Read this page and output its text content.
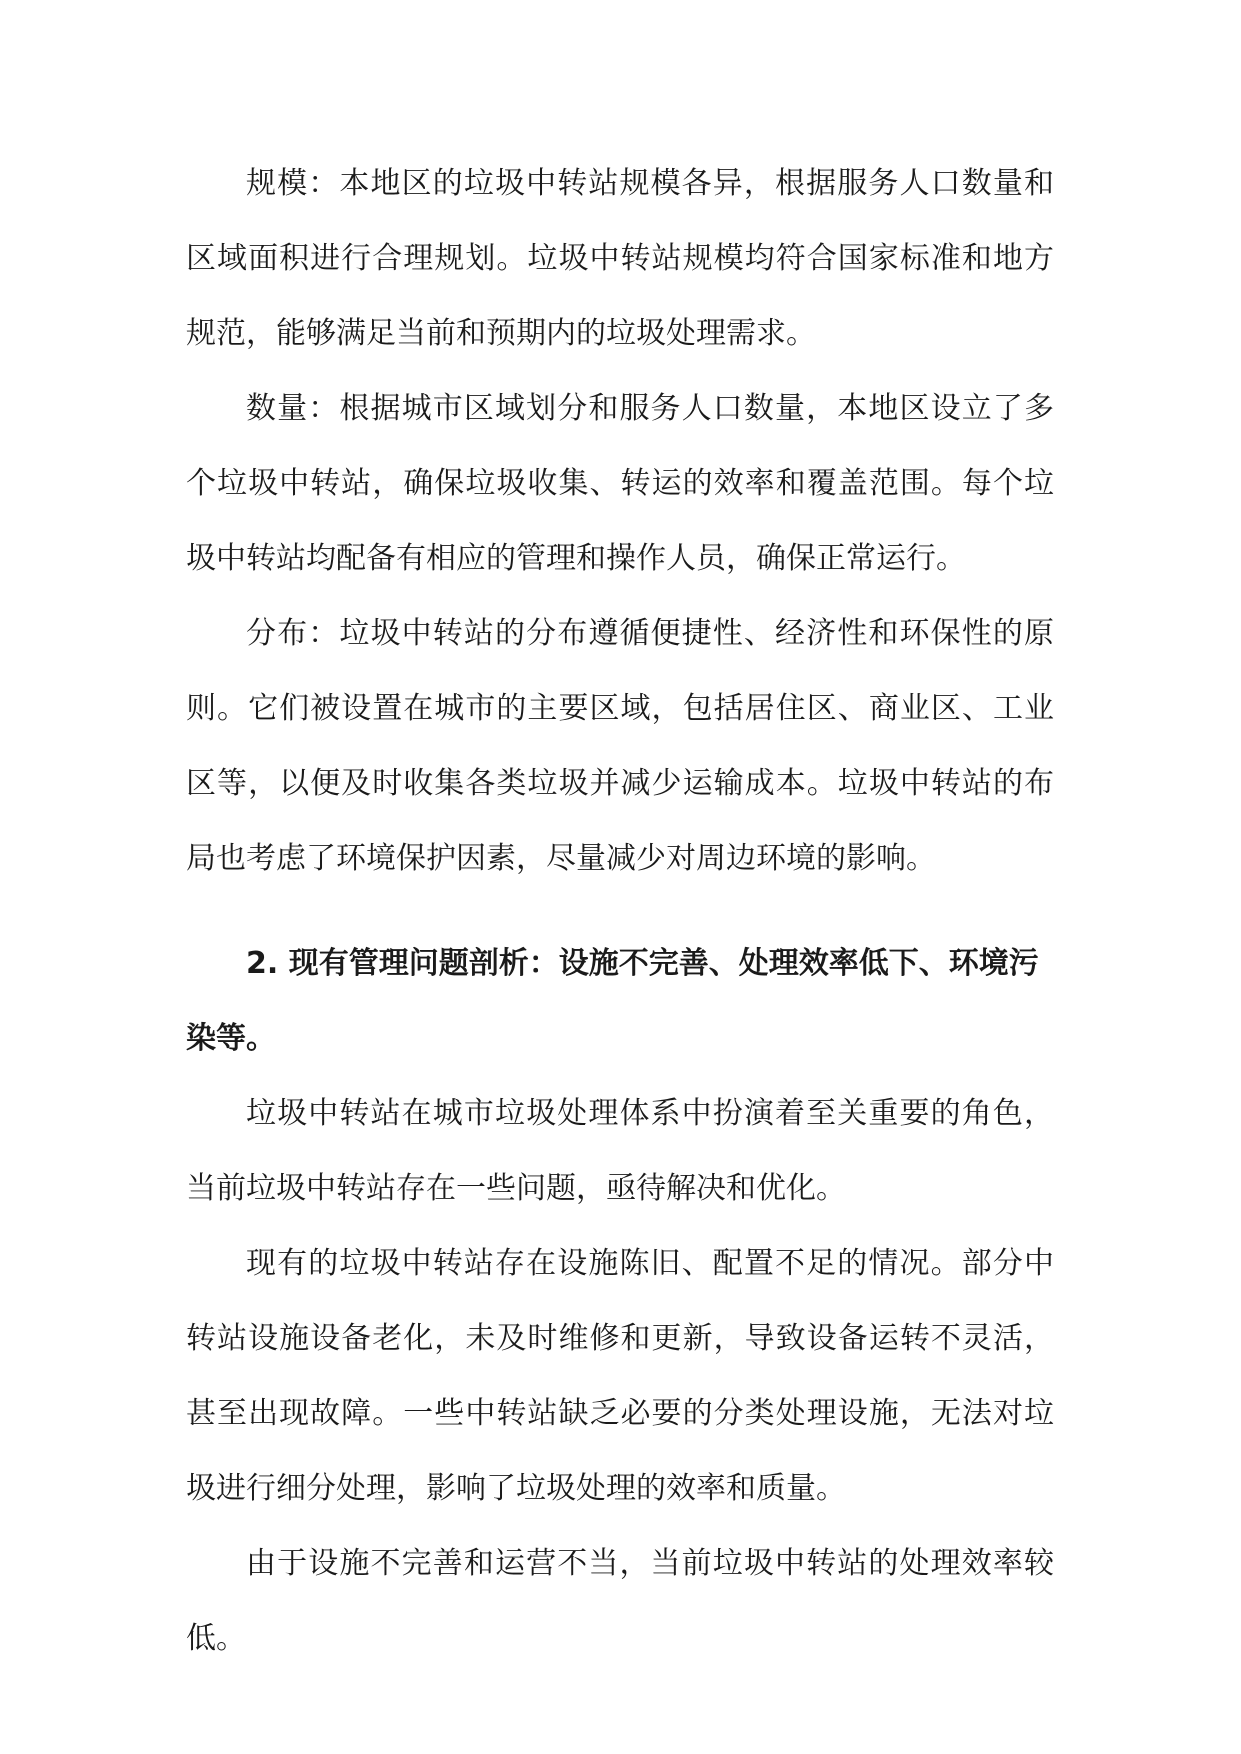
规模：本地区的垃圾中转站规模各异，根据服务人口数量和区域面积进行合理规划。垃圾中转站规模均符合国家标准和地方规范，能够满足当前和预期内的垃圾处理需求。

数量：根据城市区域划分和服务人口数量，本地区设立了多个垃圾中转站，确保垃圾收集、转运的效率和覆盖范围。每个垃圾中转站均配备有相应的管理和操作人员，确保正常运行。

分布：垃圾中转站的分布遵循便捷性、经济性和环保性的原则。它们被设置在城市的主要区域，包括居住区、商业区、工业区等，以便及时收集各类垃圾并减少运输成本。垃圾中转站的布局也考虑了环境保护因素，尽量减少对周边环境的影响。

2. 现有管理问题剖析：设施不完善、处理效率低下、环境污染等。

垃圾中转站在城市垃圾处理体系中扮演着至关重要的角色，当前垃圾中转站存在一些问题，亟待解决和优化。

现有的垃圾中转站存在设施陈旧、配置不足的情况。部分中转站设施设备老化，未及时维修和更新，导致设备运转不灵活，甚至出现故障。一些中转站缺乏必要的分类处理设施，无法对垃圾进行细分处理，影响了垃圾处理的效率和质量。

由于设施不完善和运营不当，当前垃圾中转站的处理效率较低。
